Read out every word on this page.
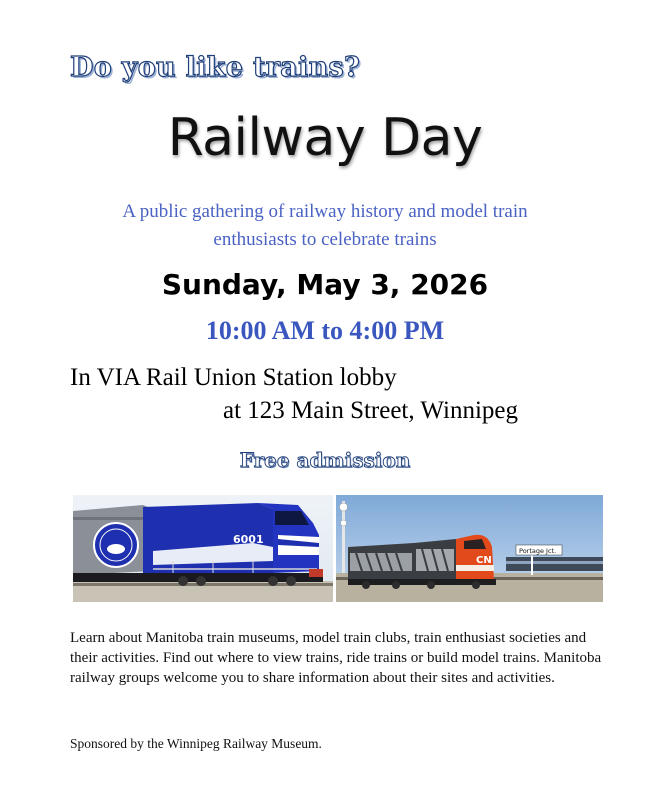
Do you like trains?
Railway Day
A public gathering of railway history and model train
enthusiasts to celebrate trains
Sunday, May 3, 2026
10:00 AM to 4:00 PM
In VIA Rail Union Station lobby
at 123 Main Street, Winnipeg
Free admission
6001
Portage Jct.
CN

Learn about Manitoba train museums, model train clubs, train enthusiast societies and their activities. Find out where to view trains, ride trains or build model trains. Manitoba railway groups welcome you to share information about their sites and activities.

Sponsored by the Winnipeg Railway Museum.
